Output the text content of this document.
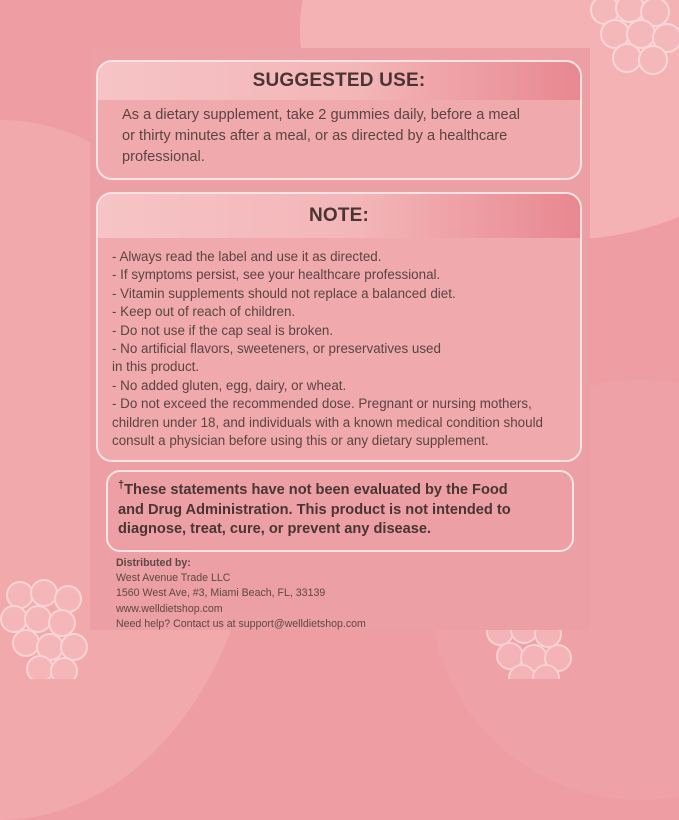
SUGGESTED USE:
As a dietary supplement, take 2 gummies daily, before a meal
or thirty minutes after a meal, or as directed by a healthcare
professional.
NOTE:
- Always read the label and use it as directed.
- If symptoms persist, see your healthcare professional.
- Vitamin supplements should not replace a balanced diet.
- Keep out of reach of children.
- Do not use if the cap seal is broken.
- No artificial flavors, sweeteners, or preservatives used
in this product.
- No added gluten, egg, dairy, or wheat.
- Do not exceed the recommended dose. Pregnant or nursing mothers,
children under 18, and individuals with a known medical condition should
consult a physician before using this or any dietary supplement.
†These statements have not been evaluated by the Food
and Drug Administration. This product is not intended to
diagnose, treat, cure, or prevent any disease.
Distributed by:
West Avenue Trade LLC
1560 West Ave, #3, Miami Beach, FL, 33139
www.welldietshop.com
Need help? Contact us at support@welldietshop.com
